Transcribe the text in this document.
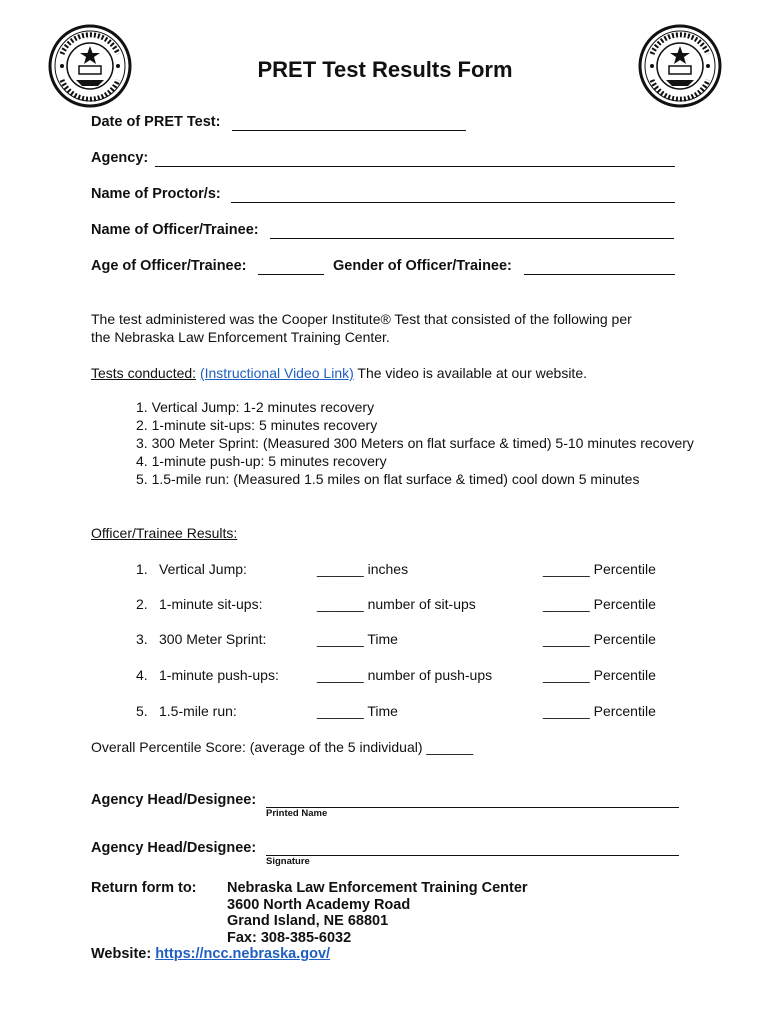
PRET Test Results Form
Date of PRET Test:
Agency:
Name of Proctor/s:
Name of Officer/Trainee:
Age of Officer/Trainee:	Gender of Officer/Trainee:
The test administered was the Cooper Institute® Test that consisted of the following per
the Nebraska Law Enforcement Training Center.
Tests conducted: (Instructional Video Link) The video is available at our website.
1. Vertical Jump: 1-2 minutes recovery
2. 1-minute sit-ups: 5 minutes recovery
3. 300 Meter Sprint: (Measured 300 Meters on flat surface & timed) 5-10 minutes recovery
4. 1-minute push-up: 5 minutes recovery
5. 1.5-mile run: (Measured 1.5 miles on flat surface & timed) cool down 5 minutes
Officer/Trainee Results:
1. Vertical Jump:	______ inches	______ Percentile
2. 1-minute sit-ups:	______ number of sit-ups	______ Percentile
3. 300 Meter Sprint:	______ Time	______ Percentile
4. 1-minute push-ups:	______ number of push-ups	______ Percentile
5. 1.5-mile run:	______ Time	______ Percentile
Overall Percentile Score: (average of the 5 individual) ______
Agency Head/Designee:
Printed Name
Agency Head/Designee:
Signature
Return form to: Nebraska Law Enforcement Training Center
3600 North Academy Road
Grand Island, NE 68801
Fax: 308-385-6032
Website: https://ncc.nebraska.gov/
